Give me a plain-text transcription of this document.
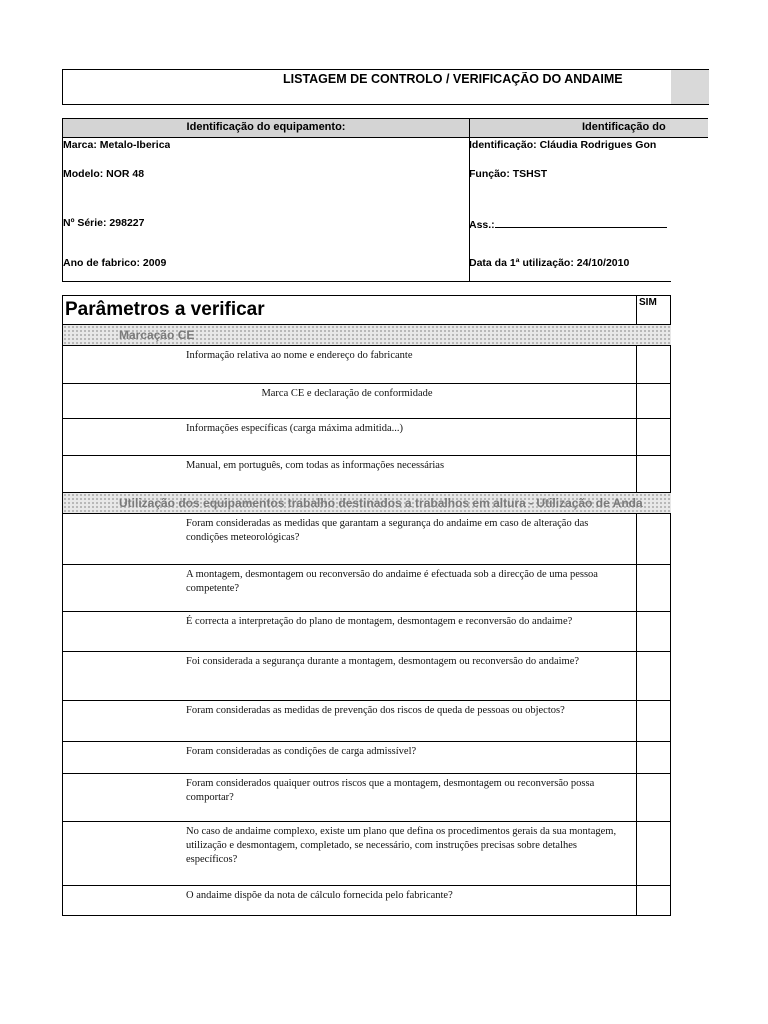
LISTAGEM DE CONTROLO / VERIFICAÇÃO DO ANDAIME
Identificação do equipamento:	Identificação do
Marca: Metalo-Iberica
Modelo: NOR 48
Nº Série: 298227
Ano de fabrico: 2009
Identificação: Cláudia Rodrigues Gon
Função: TSHST
Ass.:
Data da 1ª utilização: 24/10/2010
Parâmetros a verificar	SIM
Marcação CE
Informação relativa ao nome e endereço do fabricante
Marca CE e declaração de conformidade
Informações específicas (carga máxima admitida...)
Manual, em português, com todas as informações necessárias
Utilização dos equipamentos trabalho destinados a trabalhos em altura - Utilização de Anda
Foram consideradas as medidas que garantam a segurança do andaime em caso de alteração das condições meteorológicas?
A montagem, desmontagem ou reconversão do andaime é efectuada sob a direcção de uma pessoa competente?
É correcta a interpretação do plano de montagem, desmontagem e reconversão do andaime?
Foi considerada a segurança durante a montagem, desmontagem ou reconversão do andaime?
Foram consideradas as medidas de prevenção dos riscos de queda de pessoas ou objectos?
Foram consideradas as condições de carga admissível?
Foram considerados quaiquer outros riscos que a montagem, desmontagem ou reconversão possa comportar?
No caso de andaime complexo, existe um plano que defina os procedimentos gerais da sua montagem, utilização e desmontagem, completado, se necessário, com instruções precisas sobre detalhes específicos?
O andaime dispõe da nota de cálculo fornecida pelo fabricante?
